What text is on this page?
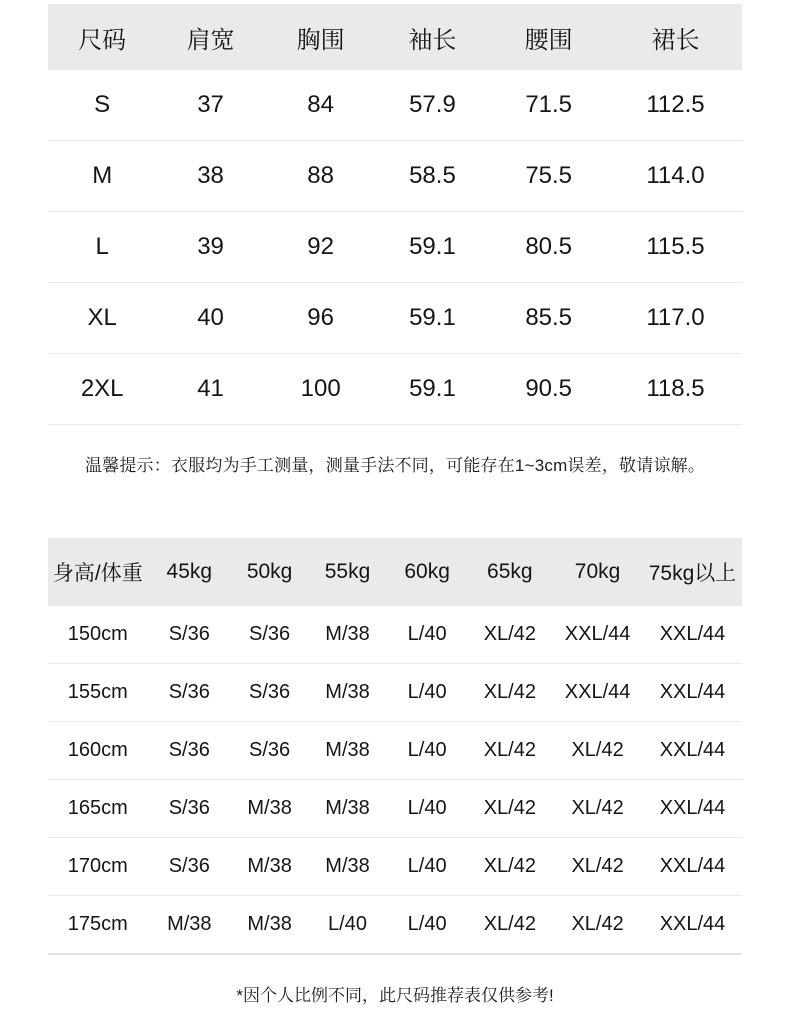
尺码	肩宽	胸围	袖长	腰围	裙长
S	37	84	57.9	71.5	112.5
M	38	88	58.5	75.5	114.0
L	39	92	59.1	80.5	115.5
XL	40	96	59.1	85.5	117.0
2XL	41	100	59.1	90.5	118.5

温馨提示：衣服均为手工测量，测量手法不同，可能存在1~3cm误差，敬请谅解。

身高/体重	45kg	50kg	55kg	60kg	65kg	70kg	75kg以上
150cm	S/36	S/36	M/38	L/40	XL/42	XXL/44	XXL/44
155cm	S/36	S/36	M/38	L/40	XL/42	XXL/44	XXL/44
160cm	S/36	S/36	M/38	L/40	XL/42	XL/42	XXL/44
165cm	S/36	M/38	M/38	L/40	XL/42	XL/42	XXL/44
170cm	S/36	M/38	M/38	L/40	XL/42	XL/42	XXL/44
175cm	M/38	M/38	L/40	L/40	XL/42	XL/42	XXL/44

*因个人比例不同，此尺码推荐表仅供参考!
